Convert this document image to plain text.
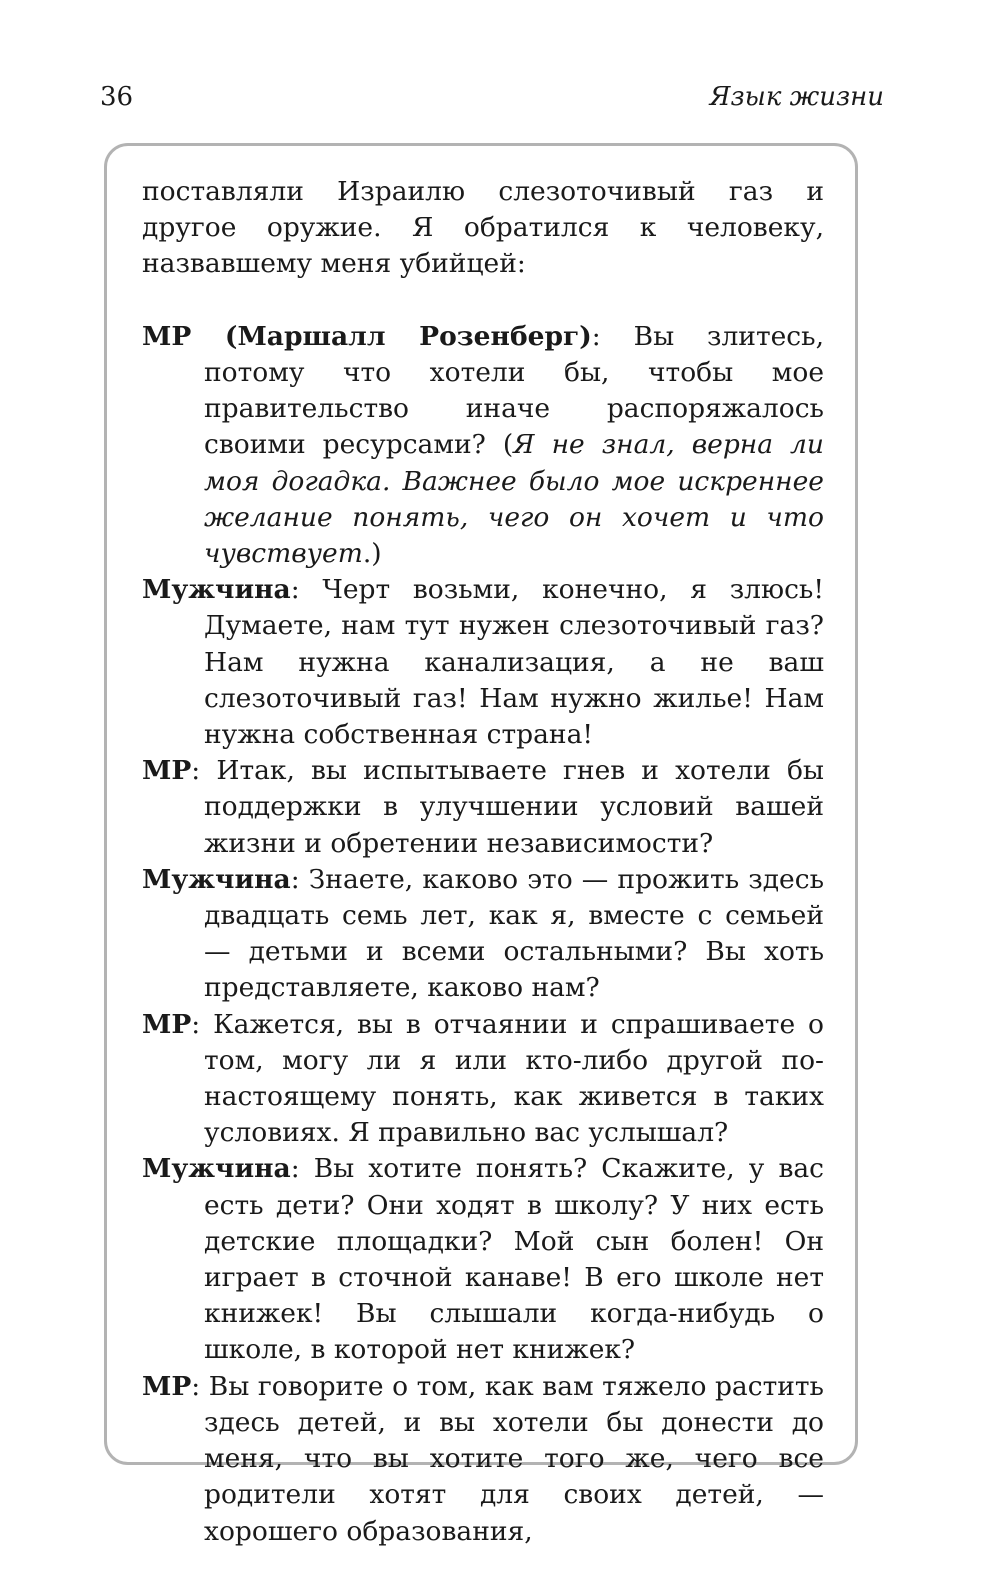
36	Язык жизни

поставляли Израилю слезоточивый газ и другое оружие. Я обратился к человеку, назвавшему меня убийцей:

МР (Маршалл Розенберг): Вы злитесь, потому что хотели бы, чтобы мое правительство иначе распоряжалось своими ресурсами? (Я не знал, верна ли моя догадка. Важнее было мое искреннее желание понять, чего он хочет и что чувствует.)

Мужчина: Черт возьми, конечно, я злюсь! Думаете, нам тут нужен слезоточивый газ? Нам нужна канализация, а не ваш слезоточивый газ! Нам нужно жилье! Нам нужна собственная страна!

МР: Итак, вы испытываете гнев и хотели бы поддержки в улучшении условий вашей жизни и обретении независимости?

Мужчина: Знаете, каково это — прожить здесь двадцать семь лет, как я, вместе с семьей — детьми и всеми остальными? Вы хоть представляете, каково нам?

МР: Кажется, вы в отчаянии и спрашиваете о том, могу ли я или кто-либо другой по-настоящему понять, как живется в таких условиях. Я правильно вас услышал?

Мужчина: Вы хотите понять? Скажите, у вас есть дети? Они ходят в школу? У них есть детские площадки? Мой сын болен! Он играет в сточной канаве! В его школе нет книжек! Вы слышали когда-нибудь о школе, в которой нет книжек?

МР: Вы говорите о том, как вам тяжело растить здесь детей, и вы хотели бы донести до меня, что вы хотите того же, чего все родители хотят для своих детей, — хорошего образования,
